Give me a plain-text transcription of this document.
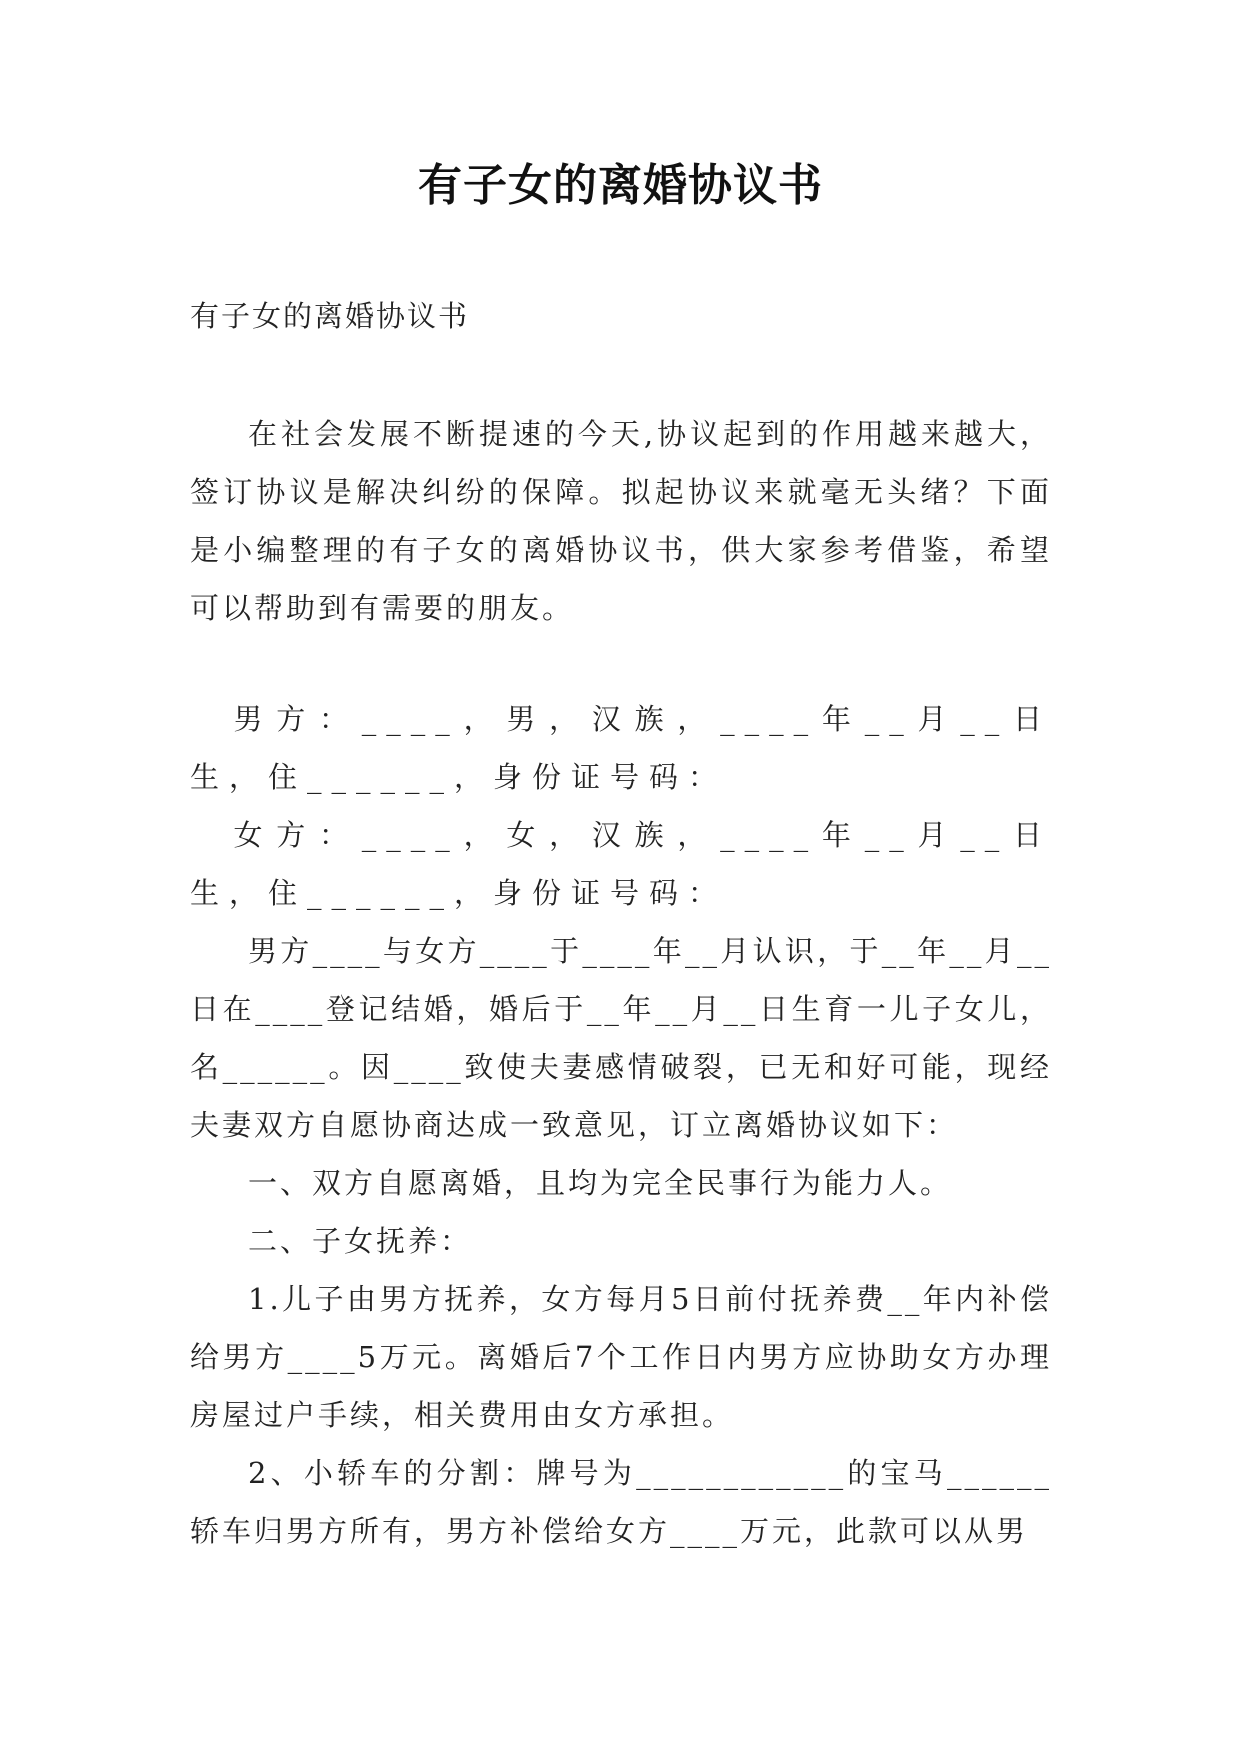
有子女的离婚协议书
有子女的离婚协议书

在社会发展不断提速的今天,协议起到的作用越来越大，签订协议是解决纠纷的保障。拟起协议来就毫无头绪？下面是小编整理的有子女的离婚协议书，供大家参考借鉴，希望可以帮助到有需要的朋友。

男方：____，男，汉族，____年__月__日生，住______，身份证号码：

女方：____，女，汉族，____年__月__日生，住______，身份证号码：

男方____与女方____于____年__月认识，于__年__月__日在____登记结婚，婚后于__年__月__日生育一儿子女儿，名______。因____致使夫妻感情破裂，已无和好可能，现经夫妻双方自愿协商达成一致意见，订立离婚协议如下：

一、双方自愿离婚，且均为完全民事行为能力人。

二、子女抚养：

1.儿子由男方抚养，女方每月5日前付抚养费__年内补偿给男方____5万元。离婚后7个工作日内男方应协助女方办理房屋过户手续，相关费用由女方承担。

2、小轿车的分割：牌号为____________的宝马______轿车归男方所有，男方补偿给女方____万元，此款可以从男
